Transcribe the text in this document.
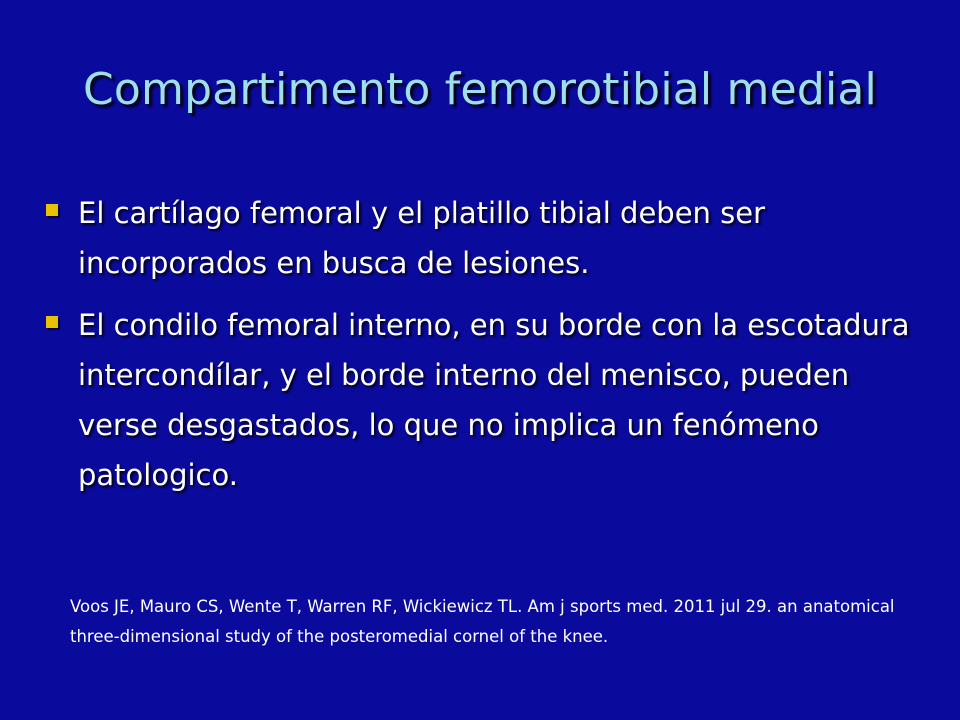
Compartimento femorotibial medial
El cartílago femoral y el platillo tibial deben ser incorporados en busca de lesiones.
El condilo femoral interno, en su borde con la escotadura intercondílar, y el borde interno del menisco, pueden verse desgastados, lo que no implica un fenómeno patologico.
Voos JE, Mauro CS, Wente T, Warren RF, Wickiewicz TL. Am j sports med. 2011 jul 29. an anatomical three-dimensional study of the posteromedial cornel of the knee.
